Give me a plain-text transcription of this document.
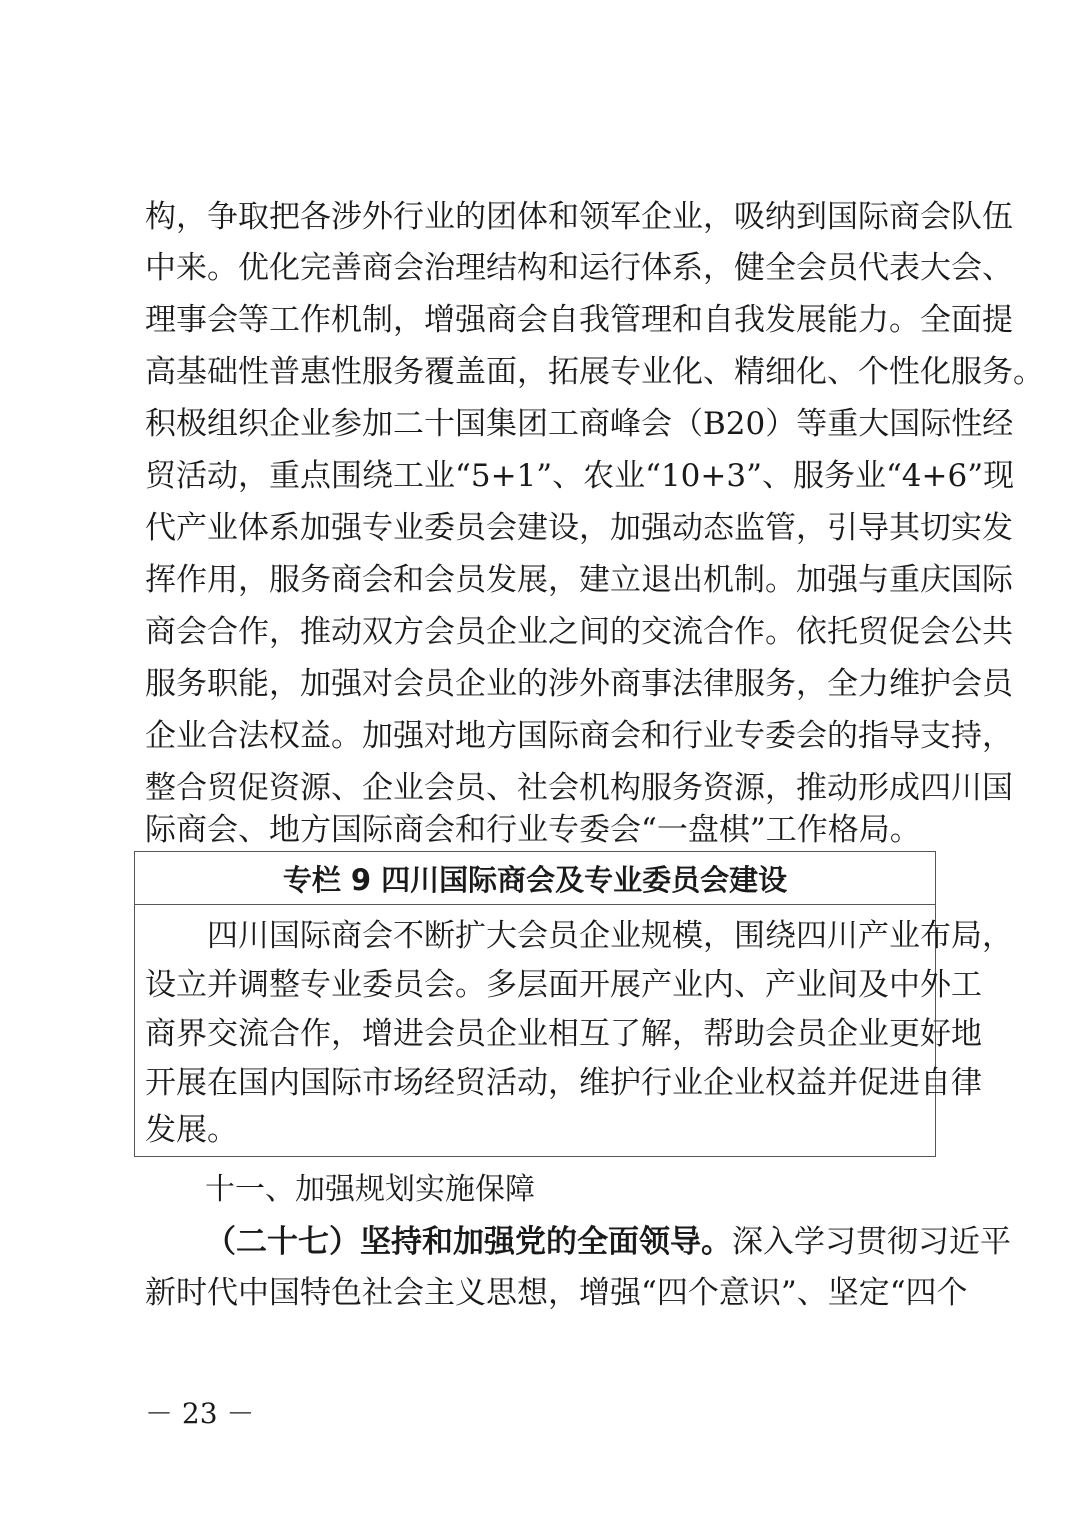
构，争取把各涉外行业的团体和领军企业，吸纳到国际商会队伍
中来。优化完善商会治理结构和运行体系，健全会员代表大会、
理事会等工作机制，增强商会自我管理和自我发展能力。全面提
高基础性普惠性服务覆盖面，拓展专业化、精细化、个性化服务。
积极组织企业参加二十国集团工商峰会（B20）等重大国际性经
贸活动，重点围绕工业“5+1”、农业“10+3”、服务业“4+6”现
代产业体系加强专业委员会建设，加强动态监管，引导其切实发
挥作用，服务商会和会员发展，建立退出机制。加强与重庆国际
商会合作，推动双方会员企业之间的交流合作。依托贸促会公共
服务职能，加强对会员企业的涉外商事法律服务，全力维护会员
企业合法权益。加强对地方国际商会和行业专委会的指导支持，
整合贸促资源、企业会员、社会机构服务资源，推动形成四川国
际商会、地方国际商会和行业专委会“一盘棋”工作格局。
专栏 9 四川国际商会及专业委员会建设
　　四川国际商会不断扩大会员企业规模，围绕四川产业布局，
设立并调整专业委员会。多层面开展产业内、产业间及中外工
商界交流合作，增进会员企业相互了解，帮助会员企业更好地
开展在国内国际市场经贸活动，维护行业企业权益并促进自律
发展。
十一、加强规划实施保障
（二十七）坚持和加强党的全面领导。深入学习贯彻习近平
新时代中国特色社会主义思想，增强“四个意识”、坚定“四个
－ 23 －
